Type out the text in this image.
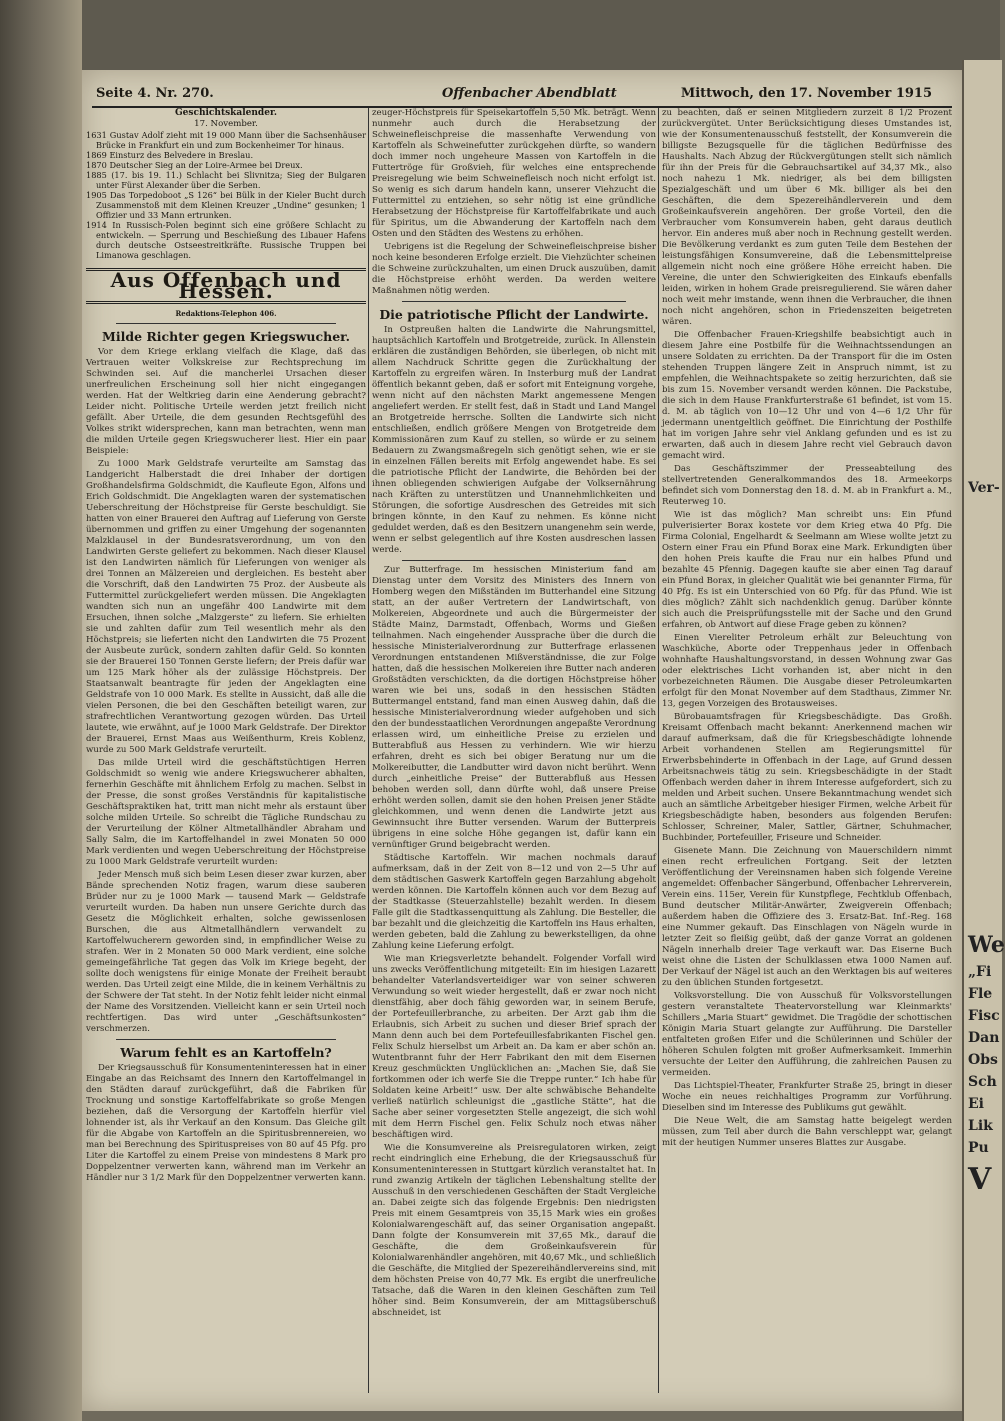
Seite 4. Nr. 270.	Offenbacher Abendblatt	Mittwoch, den 17. November 1915
Geschichtskalender.
17. November.
1631 Gustav Adolf zieht mit 19 000 Mann über die Sachsenhäuser Brücke in Frankfurt ein und zum Bockenheimer Tor hinaus.
1869 Einsturz des Belvedere in Breslau.
1870 Deutscher Sieg an der Loire-Armee bei Dreux.
1885 (17. bis 19. 11.) Schlacht bei Slivnitza; Sieg der Bulgaren unter Fürst Alexander über die Serben.
1905 Das Torpedoboot „S 126“ bei Bülk in der Kieler Bucht durch Zusammenstoß mit dem Kleinen Kreuzer „Undine“ gesunken; 1 Offizier und 33 Mann ertrunken.
1914 In Russisch-Polen beginnt sich eine größere Schlacht zu entwickeln. — Sperrung und Beschießung des Libauer Hafens durch deutsche Ostseestreitkräfte. Russische Truppen bei Limanowa geschlagen.
Aus Offenbach und Hessen.
Redaktions-Telephon 406.
Milde Richter gegen Kriegswucher.

Vor dem Kriege erklang vielfach die Klage, daß das Vertrauen weiter Volkskreise zur Rechtsprechung im Schwinden sei. Auf die mancherlei Ursachen dieser unerfreulichen Erscheinung soll hier nicht eingegangen werden. Hat der Weltkrieg darin eine Aenderung gebracht? Leider nicht. Politische Urteile werden jetzt freilich nicht gefällt. Aber Urteile, die dem gesunden Rechtsgefühl des Volkes strikt widersprechen, kann man betrachten, wenn man die milden Urteile gegen Kriegswucherer liest. Hier ein paar Beispiele:

Zu 1000 Mark Geldstrafe verurteilte am Samstag das Landgericht Halberstadt die drei Inhaber der dortigen Großhandelsfirma Goldschmidt, die Kaufleute Egon, Alfons und Erich Goldschmidt. Die Angeklagten waren der systematischen Ueberschreitung der Höchstpreise für Gerste beschuldigt. Sie hatten von einer Brauerei den Auftrag auf Lieferung von Gerste übernommen und griffen zu einer Umgehung der sogenannten Malzklausel in der Bundesratsverordnung, um von den Landwirten Gerste geliefert zu bekommen. Nach dieser Klausel ist den Landwirten nämlich für Lieferungen von weniger als drei Tonnen an Mälzereien und dergleichen. Es besteht aber die Vorschrift, daß den Landwirten 75 Proz. der Ausbeute als Futtermittel zurückgeliefert werden müssen. Die Angeklagten wandten sich nun an ungefähr 400 Landwirte mit dem Ersuchen, ihnen solche „Malzgerste“ zu liefern. Sie erhielten sie und zahlten dafür zum Teil wesentlich mehr als den Höchstpreis; sie lieferten nicht den Landwirten die 75 Prozent der Ausbeute zurück, sondern zahlten dafür Geld. So konnten sie der Brauerei 150 Tonnen Gerste liefern; der Preis dafür war um 125 Mark höher als der zulässige Höchstpreis. Der Staatsanwalt beantragte für jeden der Angeklagten eine Geldstrafe von 10 000 Mark. Es stellte in Aussicht, daß alle die vielen Personen, die bei den Geschäften beteiligt waren, zur strafrechtlichen Verantwortung gezogen würden. Das Urteil lautete, wie erwähnt, auf je 1000 Mark Geldstrafe. Der Direktor der Brauerei, Ernst Maas aus Weißenthurm, Kreis Koblenz, wurde zu 500 Mark Geldstrafe verurteilt.

Das milde Urteil wird die geschäftstüchtigen Herren Goldschmidt so wenig wie andere Kriegswucherer abhalten, fernerhin Geschäfte mit ähnlichem Erfolg zu machen. Selbst in der Presse, die sonst großes Verständnis für kapitalistische Geschäftspraktiken hat, tritt man nicht mehr als erstaunt über solche milden Urteile. So schreibt die Tägliche Rundschau zu der Verurteilung der Kölner Altmetallhändler Abraham und Sally Salm, die im Kartoffelhandel in zwei Monaten 50 000 Mark verdienten und wegen Ueberschreitung der Höchstpreise zu 1000 Mark Geldstrafe verurteilt wurden:

Jeder Mensch muß sich beim Lesen dieser zwar kurzen, aber Bände sprechenden Notiz fragen, warum diese sauberen Brüder nur zu je 1000 Mark — tausend Mark — Geldstrafe verurteilt wurden. Da haben nun unsere Gerichte durch das Gesetz die Möglichkeit erhalten, solche gewissenlosen Burschen, die aus Altmetallhändlern verwandelt zu Kartoffelwucherern geworden sind, in empfindlicher Weise zu strafen. Wer in 2 Monaten 50 000 Mark verdient, eine solche gemeingefährliche Tat gegen das Volk im Kriege begeht, der sollte doch wenigstens für einige Monate der Freiheit beraubt werden. Das Urteil zeigt eine Milde, die in keinem Verhältnis zu der Schwere der Tat steht. In der Notiz fehlt leider nicht einmal der Name des Vorsitzenden. Vielleicht kann er sein Urteil noch rechtfertigen. Das wird unter „Geschäftsunkosten“ verschmerzen.

Warum fehlt es an Kartoffeln?

Der Kriegsausschuß für Konsumenteninteressen hat in einer Eingabe an das Reichsamt des Innern den Kartoffelmangel in den Städten darauf zurückgeführt, daß die Fabriken für Trocknung und sonstige Kartoffelfabrikate so große Mengen beziehen, daß die Versorgung der Kartoffeln hierfür viel lohnender ist, als ihr Verkauf an den Konsum. Das Gleiche gilt für die Abgabe von Kartoffeln an die Spiritusbrennereien, wo man bei Berechnung des Spirituspreises von 80 auf 45 Pfg. pro Liter die Kartoffel zu einem Preise von mindestens 8 Mark pro Doppelzentner verwerten kann, während man im Verkehr an Händler nur 3 1/2 Mark für den Doppelzentner verwerten kann.

zeuger-Höchstpreis für Speisekartoffeln 5,50 Mk. beträgt. Wenn nunmehr auch durch die Herabsetzung der Schweinefleischpreise die massenhafte Verwendung von Kartoffeln als Schweinefutter zurückgehen dürfte, so wandern doch immer noch ungeheure Massen von Kartoffeln in die Futtertröge für Großvieh, für welches eine entsprechende Preisregelung wie beim Schweinefleisch noch nicht erfolgt ist. So wenig es sich darum handeln kann, unserer Viehzucht die Futtermittel zu entziehen, so sehr nötig ist eine gründliche Herabsetzung der Höchstpreise für Kartoffelfabrikate und auch für Spiritus, um die Abwanderung der Kartoffeln nach dem Osten und den Städten des Westens zu erhöhen.

Uebrigens ist die Regelung der Schweinefleischpreise bisher noch keine besonderen Erfolge erzielt. Die Viehzüchter scheinen die Schweine zurückzuhalten, um einen Druck auszuüben, damit die Höchstpreise erhöht werden. Da werden weitere Maßnahmen nötig werden.

Die patriotische Pflicht der Landwirte.

In Ostpreußen halten die Landwirte die Nahrungsmittel, hauptsächlich Kartoffeln und Brotgetreide, zurück. In Allenstein erklären die zuständigen Behörden, sie überlegen, ob nicht mit allem Nachdruck Schritte gegen die Zurückhaltung der Kartoffeln zu ergreifen wären. In Insterburg muß der Landrat öffentlich bekannt geben, daß er sofort mit Enteignung vorgehe, wenn nicht auf den nächsten Markt angemessene Mengen angeliefert werden. Er stellt fest, daß in Stadt und Land Mangel an Brotgetreide herrsche. Sollten die Landwirte sich nicht entschließen, endlich größere Mengen von Brotgetreide dem Kommissionären zum Kauf zu stellen, so würde er zu seinem Bedauern zu Zwangsmaßregeln sich genötigt sehen, wie er sie in einzelnen Fällen bereits mit Erfolg angewendet habe. Es sei die patriotische Pflicht der Landwirte, die Behörden bei der ihnen obliegenden schwierigen Aufgabe der Volksernährung nach Kräften zu unterstützen und Unannehmlichkeiten und Störungen, die sofortige Ausdreschen des Getreides mit sich bringen könnte, in den Kauf zu nehmen. Es könne nicht geduldet werden, daß es den Besitzern unangenehm sein werde, wenn er selbst gelegentlich auf ihre Kosten ausdreschen lassen werde.

Zur Butterfrage. Im hessischen Ministerium fand am Dienstag unter dem Vorsitz des Ministers des Innern von Homberg wegen den Mißständen im Butterhandel eine Sitzung statt, an der außer Vertretern der Landwirtschaft, von Molkereien, Abgeordnete und auch die Bürgermeister der Städte Mainz, Darmstadt, Offenbach, Worms und Gießen teilnahmen. Nach eingehender Aussprache über die durch die hessische Ministerialverordnung zur Butterfrage erlassenen Verordnungen entstandenen Mißverständnisse, die zur Folge hatten, daß die hessischen Molkereien ihre Butter nach anderen Großstädten verschickten, da die dortigen Höchstpreise höher waren wie bei uns, sodaß in den hessischen Städten Buttermangel entstand, fand man einen Ausweg dahin, daß die hessische Ministerialverordnung wieder aufgehoben und sich den der bundesstaatlichen Verordnungen angepaßte Verordnung erlassen wird, um einheitliche Preise zu erzielen und Butterabfluß aus Hessen zu verhindern. Wie wir hierzu erfahren, dreht es sich bei obiger Beratung nur um die Molkereibutter, die Landbutter wird davon nicht berührt. Wenn durch „einheitliche Preise“ der Butterabfluß aus Hessen behoben werden soll, dann dürfte wohl, daß unsere Preise erhöht werden sollen, damit sie den hohen Preisen jener Städte gleichkommen, und wenn denen die Landwirte jetzt aus Gewinnsucht ihre Butter versenden. Warum der Butterpreis übrigens in eine solche Höhe gegangen ist, dafür kann ein vernünftiger Grund beigebracht werden.

Städtische Kartoffeln. Wir machen nochmals darauf aufmerksam, daß in der Zeit von 8—12 und von 2—5 Uhr auf dem städtischen Gaswerk Kartoffeln gegen Barzahlung abgeholt werden können. Die Kartoffeln können auch vor dem Bezug auf der Stadtkasse (Steuerzahlstelle) bezahlt werden. In diesem Falle gilt die Stadtkassenquittung als Zahlung. Die Besteller, die bar bezahlt und die gleichzeitig die Kartoffeln ins Haus erhalten, werden gebeten, bald die Zahlung zu bewerkstelligen, da ohne Zahlung keine Lieferung erfolgt.

Wie man Kriegsverletzte behandelt. Folgender Vorfall wird uns zwecks Veröffentlichung mitgeteilt: Ein im hiesigen Lazarett behandelter Vaterlandsverteidiger war von seiner schweren Verwundung so weit wieder hergestellt, daß er zwar noch nicht dienstfähig, aber doch fähig geworden war, in seinem Berufe, der Portefeuillerbranche, zu arbeiten. Der Arzt gab ihm die Erlaubnis, sich Arbeit zu suchen und dieser Brief sprach der Mann denn auch bei dem Portefeuillesfabrikanten Fischel gen. Felix Schulz hierselbst um Arbeit an. Da kam er aber schön an. Wutentbrannt fuhr der Herr Fabrikant den mit dem Eisernen Kreuz geschmückten Unglücklichen an: „Machen Sie, daß Sie fortkommen oder ich werfe Sie die Treppe runter.“ Ich habe für Soldaten keine Arbeit!“ usw. Der alte schwäbische Behandelte verließ natürlich schleunigst die „gastliche Stätte“, hat die Sache aber seiner vorgesetzten Stelle angezeigt, die sich wohl mit dem Herrn Fischel gen. Felix Schulz noch etwas näher beschäftigen wird.

Wie die Konsumvereine als Preisregulatoren wirken, zeigt recht eindringlich eine Erhebung, die der Kriegsausschuß für Konsumenteninteressen in Stuttgart kürzlich veranstaltet hat. In rund zwanzig Artikeln der täglichen Lebenshaltung stellte der Ausschuß in den verschiedenen Geschäften der Stadt Vergleiche an. Dabei zeigte sich das folgende Ergebnis: Den niedrigsten Preis mit einem Gesamtpreis von 35,15 Mark wies ein großes Kolonialwarengeschäft auf, das seiner Organisation angepaßt. Dann folgte der Konsumverein mit 37,65 Mk., darauf die Geschäfte, die dem Großeinkaufsverein für Kolonialwarenhändler angehören, mit 40,67 Mk., und schließlich die Geschäfte, die Mitglied der Spezereihändlervereins sind, mit dem höchsten Preise von 40,77 Mk. Es ergibt die unerfreuliche Tatsache, daß die Waren in den kleinen Geschäften zum Teil höher sind. Beim Konsumverein, der am Mittagsüberschuß abschneidet, ist

zu beachten, daß er seinen Mitgliedern zurzeit 8 1/2 Prozent zurückvergütet. Unter Berücksichtigung dieses Umstandes ist, wie der Konsumentenausschuß feststellt, der Konsumverein die billigste Bezugsquelle für die täglichen Bedürfnisse des Haushalts. Nach Abzug der Rückvergütungen stellt sich nämlich für ihn der Preis für die Gebrauchsartikel auf 34,37 Mk., also noch nahezu 1 Mk. niedriger, als bei dem billigsten Spezialgeschäft und um über 6 Mk. billiger als bei den Geschäften, die dem Spezereihändlerverein und dem Großeinkaufsverein angehören. Der große Vorteil, den die Verbraucher vom Konsumverein haben, geht daraus deutlich hervor. Ein anderes muß aber noch in Rechnung gestellt werden. Die Bevölkerung verdankt es zum guten Teile dem Bestehen der leistungsfähigen Konsumvereine, daß die Lebensmittelpreise allgemein nicht noch eine größere Höhe erreicht haben. Die Vereine, die unter den Schwierigkeiten des Einkaufs ebenfalls leiden, wirken in hohem Grade preisregulierend. Sie wären daher noch weit mehr imstande, wenn ihnen die Verbraucher, die ihnen noch nicht angehören, schon in Friedenszeiten beigetreten wären.

Die Offenbacher Frauen-Kriegshilfe beabsichtigt auch in diesem Jahre eine Postbilfe für die Weihnachtssendungen an unsere Soldaten zu errichten. Da der Transport für die im Osten stehenden Truppen längere Zeit in Anspruch nimmt, ist zu empfehlen, die Weihnachtspakete so zeitig herzurichten, daß sie bis zum 15. November versandt werden können. Die Packstube, die sich in dem Hause Frankfurterstraße 61 befindet, ist vom 15. d. M. ab täglich von 10—12 Uhr und von 4—6 1/2 Uhr für jedermann unentgeltlich geöffnet. Die Einrichtung der Posthilfe hat im vorigen Jahre sehr viel Anklang gefunden und es ist zu erwarten, daß auch in diesem Jahre recht viel Gebrauch davon gemacht wird.

Das Geschäftszimmer der Presseabteilung des stellvertretenden Generalkommandos des 18. Armeekorps befindet sich vom Donnerstag den 18. d. M. ab in Frankfurt a. M., Reuterweg 10.

Wie ist das möglich? Man schreibt uns: Ein Pfund pulverisierter Borax kostete vor dem Krieg etwa 40 Pfg. Die Firma Colonial, Engelhardt & Seelmann am Wiese wollte jetzt zu Ostern einer Frau ein Pfund Borax eine Mark. Erkundigten über den hohen Preis kaufte die Frau nur ein halbes Pfund und bezahlte 45 Pfennig. Dagegen kaufte sie aber einen Tag darauf ein Pfund Borax, in gleicher Qualität wie bei genannter Firma, für 40 Pfg. Es ist ein Unterschied von 60 Pfg. für das Pfund. Wie ist dies möglich? Zählt sich nachdenklich genug. Darüber könnte sich auch die Preisprüfungsstelle mit der Sache und den Grund erfahren, ob Antwort auf diese Frage geben zu können?

Einen Viereliter Petroleum erhält zur Beleuchtung von Waschküche, Aborte oder Treppenhaus jeder in Offenbach wohnhafte Haushaltungsvorstand, in dessen Wohnung zwar Gas oder elektrisches Licht vorhanden ist, aber nicht in den vorbezeichneten Räumen. Die Ausgabe dieser Petroleumkarten erfolgt für den Monat November auf dem Stadthaus, Zimmer Nr. 13, gegen Vorzeigen des Brotausweises.

Bürobauamtsfragen für Kriegsbeschädigte. Das Großh. Kreisamt Offenbach macht bekannt: Anerkennend machen wir darauf aufmerksam, daß die für Kriegsbeschädigte lohnende Arbeit vorhandenen Stellen am Regierungsmittel für Erwerbsbehinderte in Offenbach in der Lage, auf Grund dessen Arbeitsnachweis tätig zu sein. Kriegsbeschädigte in der Stadt Offenbach werden daher in ihrem Interesse aufgefordert, sich zu melden und Arbeit suchen. Unsere Bekanntmachung wendet sich auch an sämtliche Arbeitgeber hiesiger Firmen, welche Arbeit für Kriegsbeschädigte haben, besonders aus folgenden Berufen: Schlosser, Schreiner, Maler, Sattler, Gärtner, Schuhmacher, Buchbinder, Portefeuiller, Friseure und Schneider.

Gisenete Mann. Die Zeichnung von Mauerschildern nimmt einen recht erfreulichen Fortgang. Seit der letzten Veröffentlichung der Vereinsnamen haben sich folgende Vereine angemeldet: Offenbacher Sängerbund, Offenbacher Lehrerverein, Verein eins. 115er, Verein für Kunstpflege, Fechtklub Offenbach, Bund deutscher Militär-Anwärter, Zweigverein Offenbach; außerdem haben die Offiziere des 3. Ersatz-Bat. Inf.-Reg. 168 eine Nummer gekauft. Das Einschlagen von Nägeln wurde in letzter Zeit so fleißig geübt, daß der ganze Vorrat an goldenen Nägeln innerhalb dreier Tage verkauft war. Das Eiserne Buch weist ohne die Listen der Schulklassen etwa 1000 Namen auf. Der Verkauf der Nägel ist auch an den Werktagen bis auf weiteres zu den üblichen Stunden fortgesetzt.

Volksvorstellung. Die von Ausschuß für Volksvorstellungen gestern veranstaltete Theatervorstellung war Kleinmarkts' Schillers „Maria Stuart“ gewidmet. Die Tragödie der schottischen Königin Maria Stuart gelangte zur Aufführung. Die Darsteller entfalteten großen Eifer und die Schülerinnen und Schüler der höheren Schulen folgten mit großer Aufmerksamkeit. Immerhin versuchte der Leiter den Aufführung, die zahlreichen Pausen zu vermeiden.

Das Lichtspiel-Theater, Frankfurter Straße 25, bringt in dieser Woche ein neues reichhaltiges Programm zur Vorführung. Dieselben sind im Interesse des Publikums gut gewählt.

Die Neue Welt, die am Samstag hatte beigelegt werden müssen, zum Teil aber durch die Bahn verschleppt war, gelangt mit der heutigen Nummer unseres Blattes zur Ausgabe.

Ver-
We
„Fi
Fle
Fisc
Dan
Obs
Sch
Ei
Lik
Pu
V
